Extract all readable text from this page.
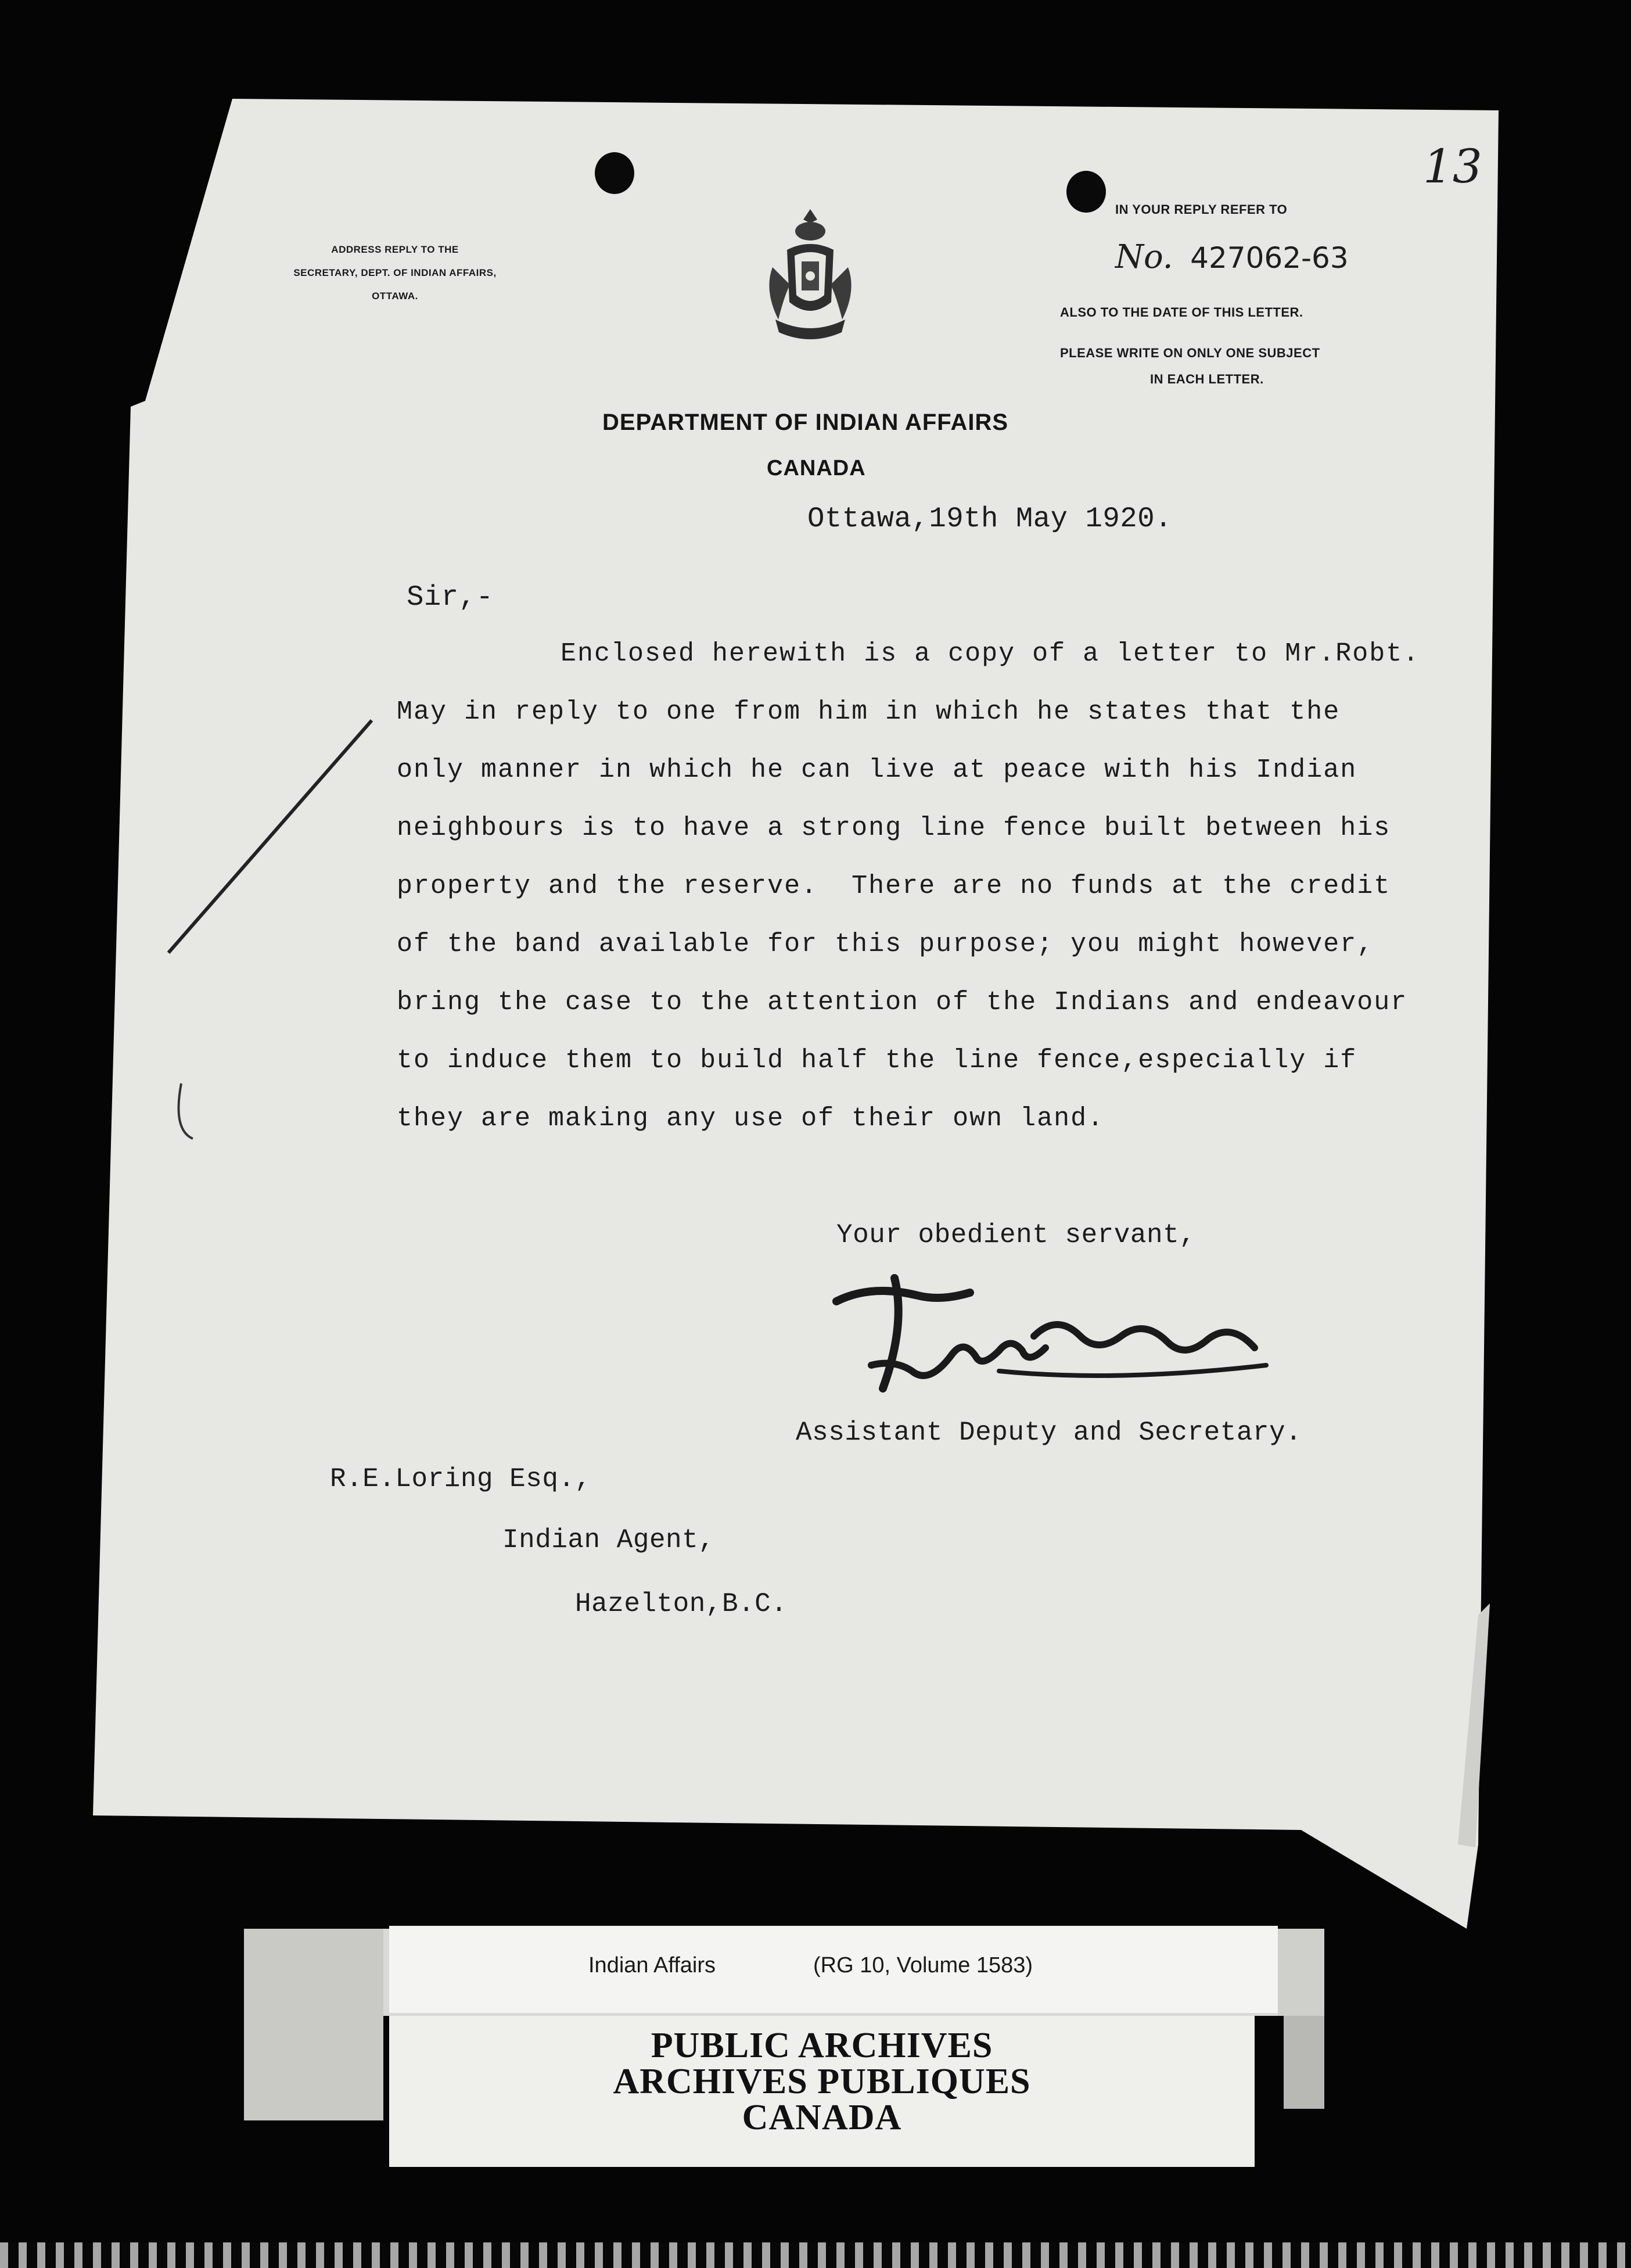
13

ADDRESS REPLY TO THE

SECRETARY, DEPT. OF INDIAN AFFAIRS,

OTTAWA.

IN YOUR REPLY REFER TO

No. 427062-63

ALSO TO THE DATE OF THIS LETTER.

PLEASE WRITE ON ONLY ONE SUBJECT

IN EACH LETTER.

DEPARTMENT OF INDIAN AFFAIRS

CANADA

Ottawa,19th May 1920.

Sir,-

Enclosed herewith is a copy of a letter to Mr.Robt.

May in reply to one from him in which he states that the

only manner in which he can live at peace with his Indian

neighbours is to have a strong line fence built between his

property and the reserve.  There are no funds at the credit

of the band available for this purpose; you might however,

bring the case to the attention of the Indians and endeavour

to induce them to build half the line fence,especially if

they are making any use of their own land.

Your obedient servant,

Assistant Deputy and Secretary.

R.E.Loring Esq.,

Indian Agent,

Hazelton,B.C.

Indian Affairs	(RG 10, Volume 1583)

PUBLIC ARCHIVES

ARCHIVES PUBLIQUES

CANADA
